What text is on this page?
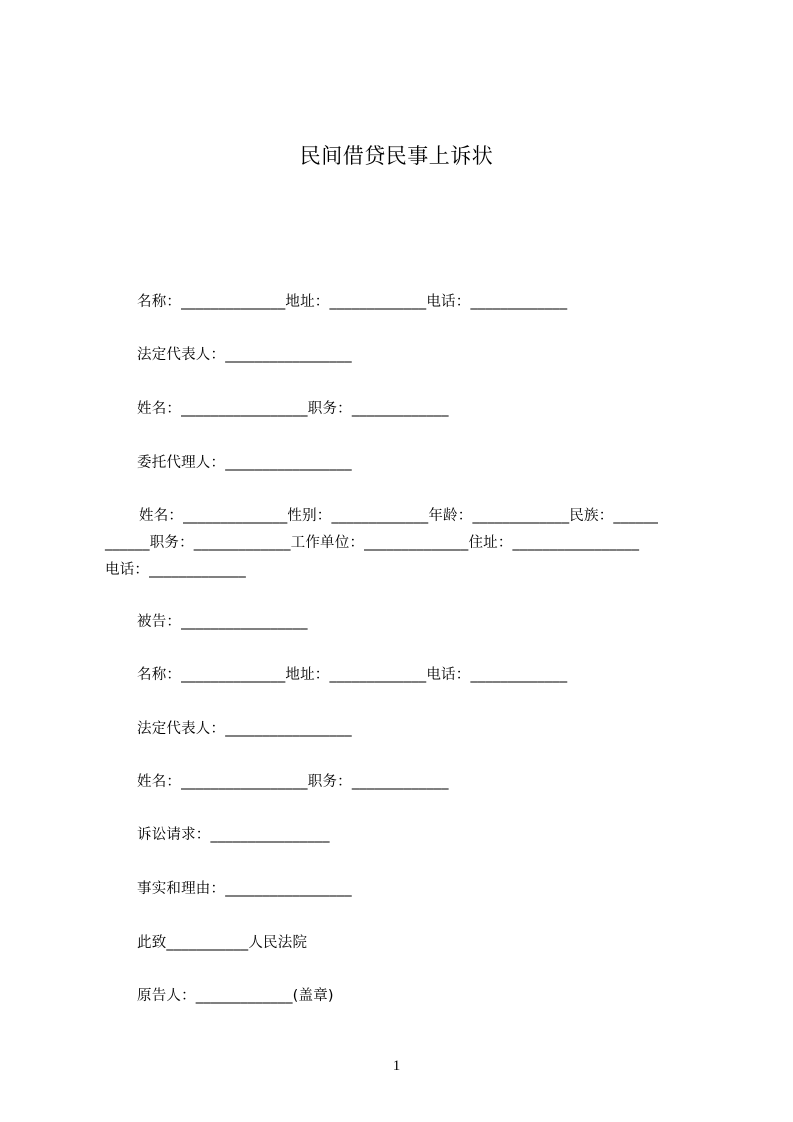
民间借贷民事上诉状
名称：______________地址：_____________电话：_____________
法定代表人：_________________
姓名：_________________职务：_____________
委托代理人：_________________
姓名：______________性别：_____________年龄：_____________民族：______
______职务：_____________工作单位：______________住址：_________________
电话：_____________
被告：_________________
名称：______________地址：_____________电话：_____________
法定代表人：_________________
姓名：_________________职务：_____________
诉讼请求：________________
事实和理由：_________________
此致___________人民法院
原告人：_____________(盖章)
1
